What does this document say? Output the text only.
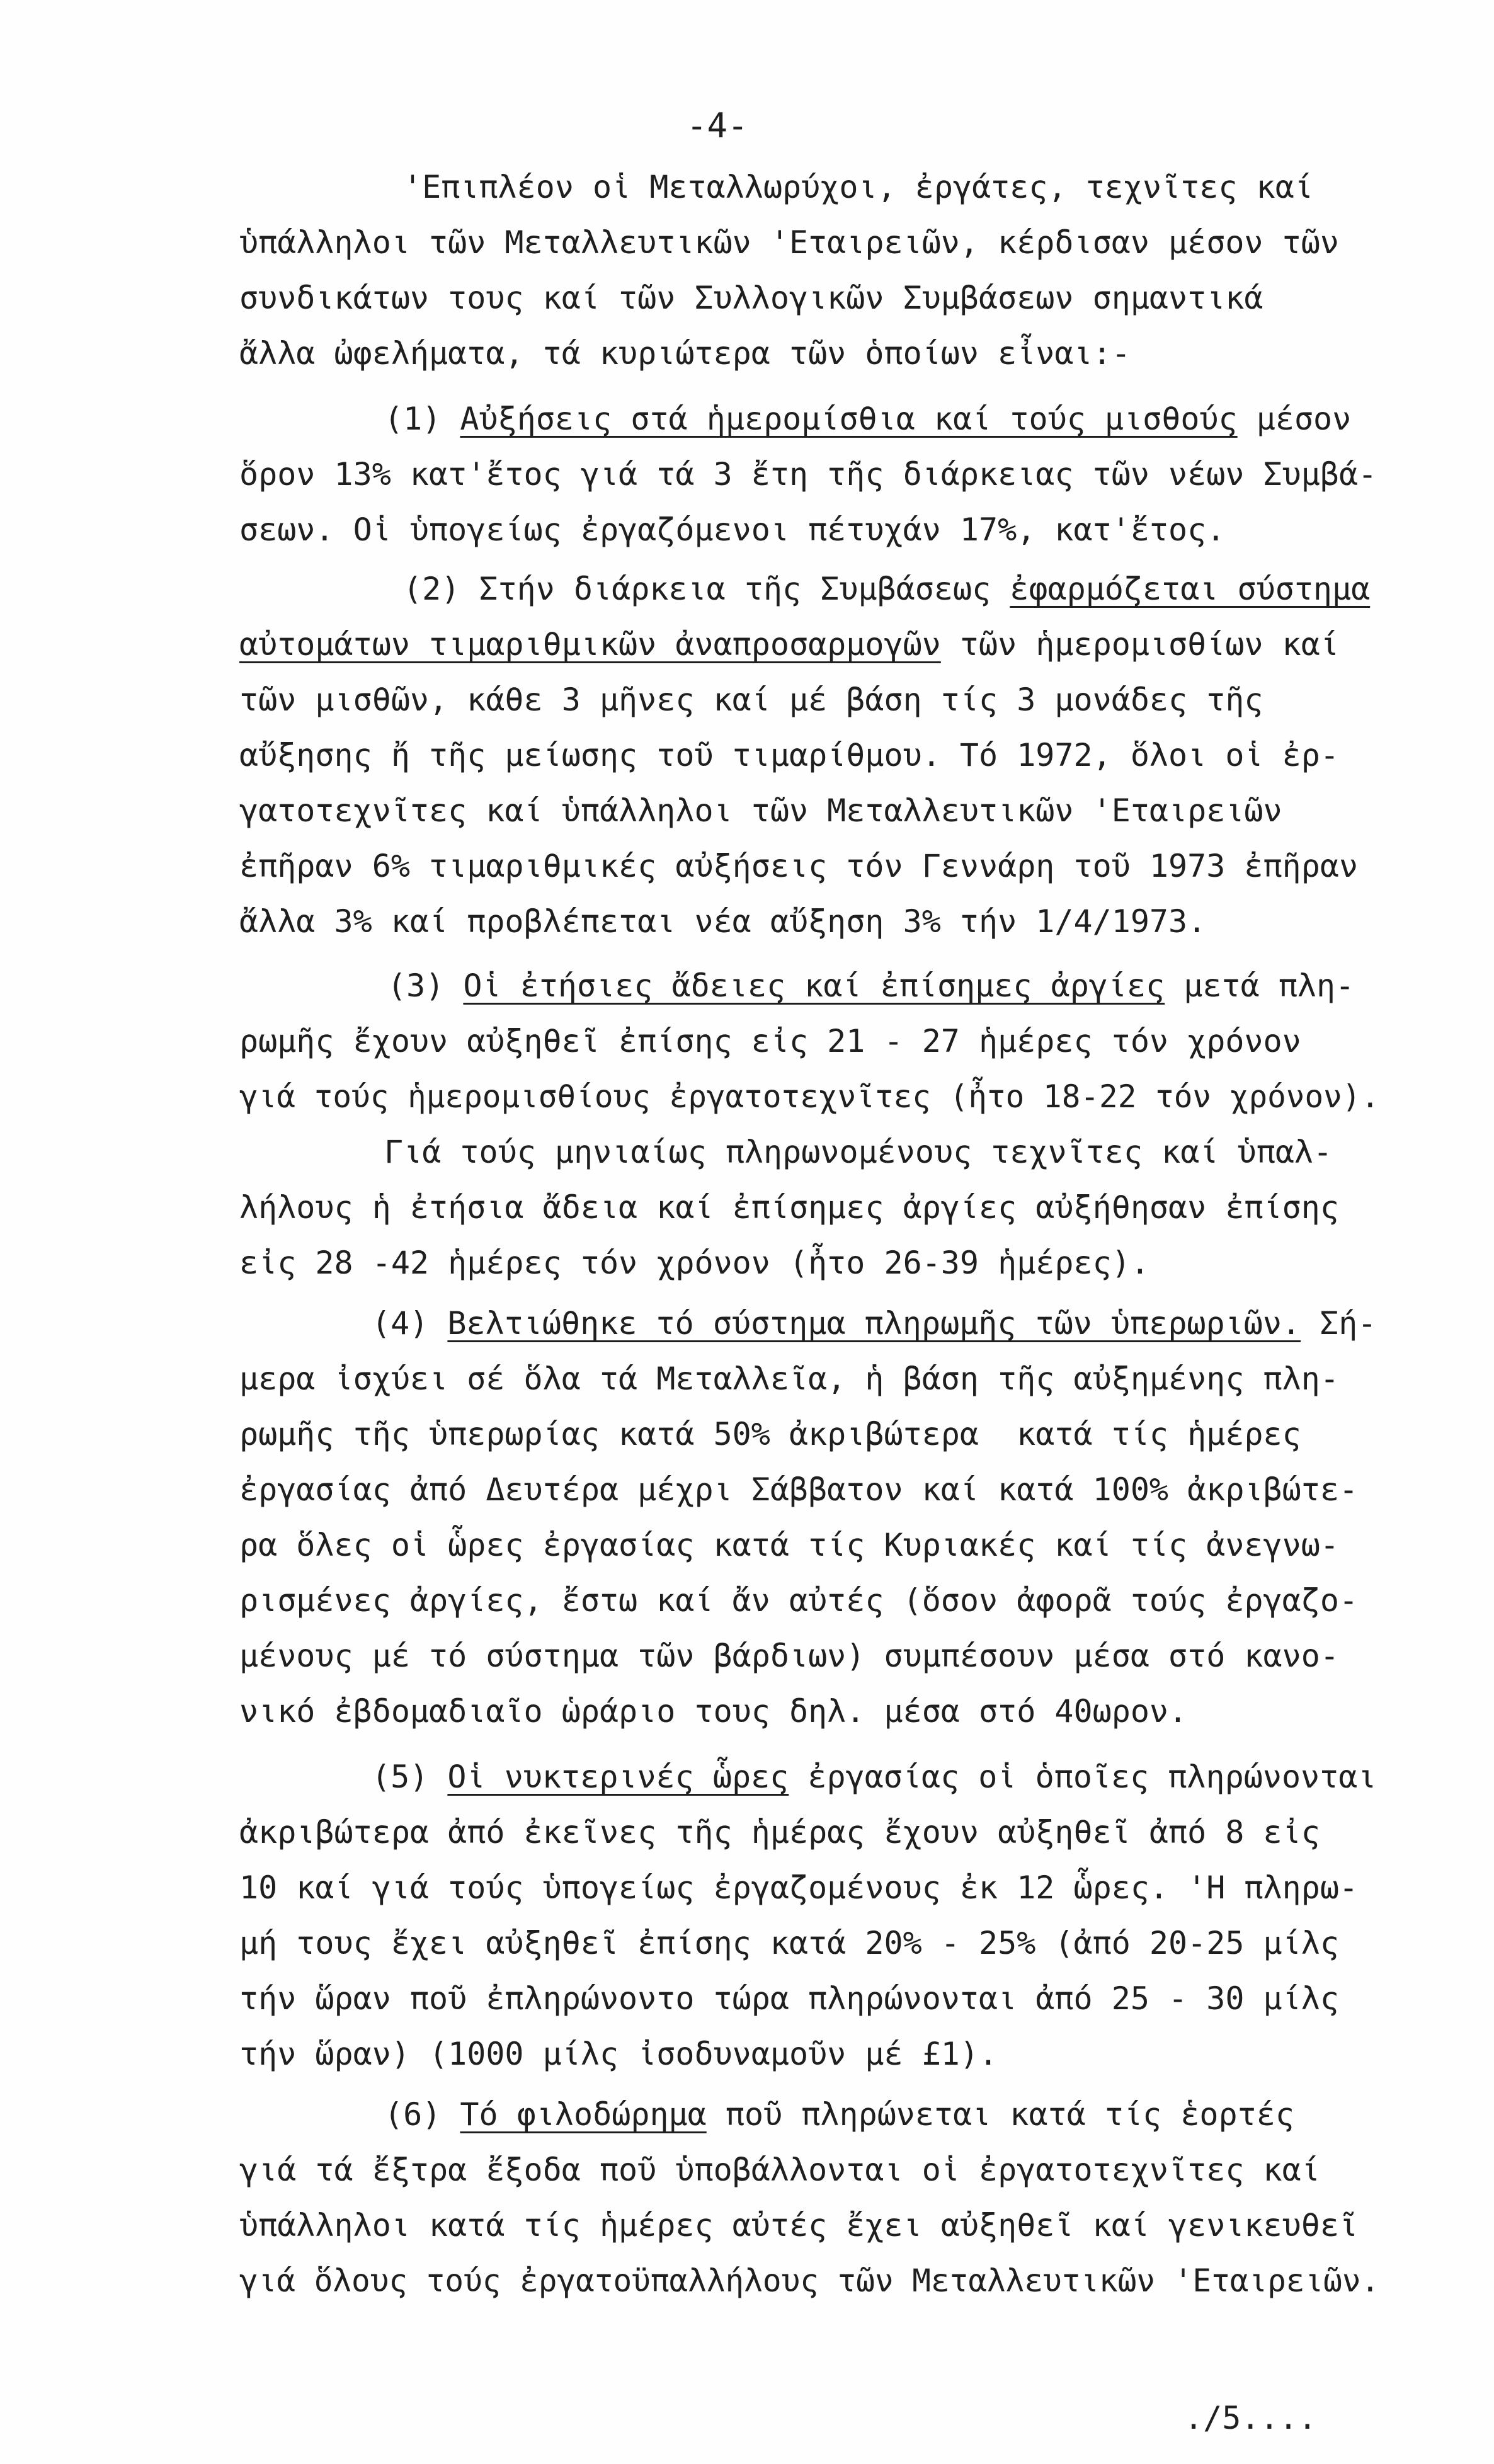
-4-
'Επιπλέον οἱ Μεταλλωρύχοι, ἐργάτες, τεχνῖτες καί
ὑπάλληλοι τῶν Μεταλλευτικῶν 'Εταιρειῶν, κέρδισαν μέσον τῶν
συνδικάτων τους καί τῶν Συλλογικῶν Συμβάσεων σημαντικά
ἄλλα ὠφελήματα, τά κυριώτερα τῶν ὁποίων εἶναι:-
(1) Αὐξήσεις στά ἡμερομίσθια καί τούς μισθούς μέσον
ὅρον 13% κατ'ἔτος γιά τά 3 ἔτη τῆς διάρκειας τῶν νέων Συμβά-
σεων. Οἱ ὑπογείως ἐργαζόμενοι πέτυχάν 17%, κατ'ἔτος.
(2) Στήν διάρκεια τῆς Συμβάσεως ἐφαρμόζεται σύστημα
αὐτομάτων τιμαριθμικῶν ἀναπροσαρμογῶν τῶν ἡμερομισθίων καί
τῶν μισθῶν, κάθε 3 μῆνες καί μέ βάση τίς 3 μονάδες τῆς
αὔξησης ἤ τῆς μείωσης τοῦ τιμαρίθμου. Τό 1972, ὅλοι οἱ ἐρ-
γατοτεχνῖτες καί ὑπάλληλοι τῶν Μεταλλευτικῶν 'Εταιρειῶν
ἐπῆραν 6% τιμαριθμικές αὐξήσεις τόν Γεννάρη τοῦ 1973 ἐπῆραν
ἄλλα 3% καί προβλέπεται νέα αὔξηση 3% τήν 1/4/1973.
(3) Οἱ ἐτήσιες ἄδειες καί ἐπίσημες ἀργίες μετά πλη-
ρωμῆς ἔχουν αὐξηθεῖ ἐπίσης εἰς 21 - 27 ἡμέρες τόν χρόνον
γιά τούς ἡμερομισθίους ἐργατοτεχνῖτες (ἦτο 18-22 τόν χρόνον).
Γιά τούς μηνιαίως πληρωνομένους τεχνῖτες καί ὑπαλ-
λήλους ἡ ἐτήσια ἄδεια καί ἐπίσημες ἀργίες αὐξήθησαν ἐπίσης
εἰς 28 -42 ἡμέρες τόν χρόνον (ἦτο 26-39 ἡμέρες).
(4) Βελτιώθηκε τό σύστημα πληρωμῆς τῶν ὑπερωριῶν. Σή-
μερα ἰσχύει σέ ὅλα τά Μεταλλεῖα, ἡ βάση τῆς αὐξημένης πλη-
ρωμῆς τῆς ὑπερωρίας κατά 50% ἀκριβώτερα  κατά τίς ἡμέρες
ἐργασίας ἀπό Δευτέρα μέχρι Σάββατον καί κατά 100% ἀκριβώτε-
ρα ὅλες οἱ ὧρες ἐργασίας κατά τίς Κυριακές καί τίς ἀνεγνω-
ρισμένες ἀργίες, ἔστω καί ἄν αὐτές (ὅσον ἀφορᾶ τούς ἐργαζο-
μένους μέ τό σύστημα τῶν βάρδιων) συμπέσουν μέσα στό κανο-
νικό ἐβδομαδιαῖο ὡράριο τους δηλ. μέσα στό 40ωρον.
(5) Οἱ νυκτερινές ὧρες ἐργασίας οἱ ὁποῖες πληρώνονται
ἀκριβώτερα ἀπό ἐκεῖνες τῆς ἡμέρας ἔχουν αὐξηθεῖ ἀπό 8 εἰς
10 καί γιά τούς ὑπογείως ἐργαζομένους ἐκ 12 ὧρες. 'Η πληρω-
μή τους ἔχει αὐξηθεῖ ἐπίσης κατά 20% - 25% (ἀπό 20-25 μίλς
τήν ὥραν ποῦ ἐπληρώνοντο τώρα πληρώνονται ἀπό 25 - 30 μίλς
τήν ὥραν) (1000 μίλς ἰσοδυναμοῦν μέ £1).
(6) Τό φιλοδώρημα ποῦ πληρώνεται κατά τίς ἑορτές
γιά τά ἔξτρα ἔξοδα ποῦ ὑποβάλλονται οἱ ἐργατοτεχνῖτες καί
ὑπάλληλοι κατά τίς ἡμέρες αὐτές ἔχει αὐξηθεῖ καί γενικευθεῖ
γιά ὅλους τούς ἐργατοϋπαλλήλους τῶν Μεταλλευτικῶν 'Εταιρειῶν.
./5....
